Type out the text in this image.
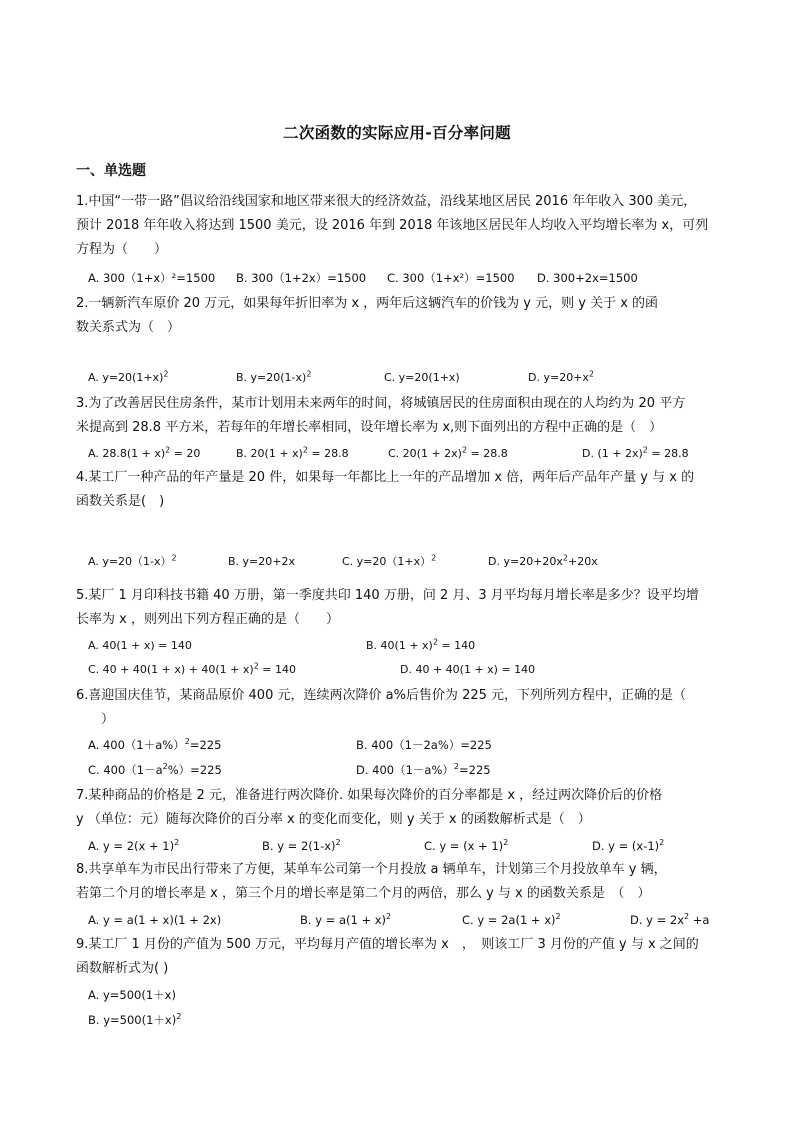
二次函数的实际应用-百分率问题
一、单选题
1.中国“一带一路”倡议给沿线国家和地区带来很大的经济效益，沿线某地区居民 2016 年年收入 300 美元，
预计 2018 年年收入将达到 1500 美元，设 2016 年到 2018 年该地区居民年人均收入平均增长率为 x，可列
方程为（　　）
A. 300（1+x）²=1500 B. 300（1+2x）=1500 C. 300（1+x²）=1500 D. 300+2x=1500
2.一辆新汽车原价 20 万元，如果每年折旧率为 x ，两年后这辆汽车的价钱为 y 元，则 y 关于 x 的函
数关系式为（　）
A. $y=20(1+x)^2$	B. $y=20(1-x)^2$	C. y=20(1+x)	D. $y=20+x^2$
3.为了改善居民住房条件，某市计划用未来两年的时间，将城镇居民的住房面积由现在的人均约为 20 平方
米提高到 28.8 平方米，若每年的年增长率相同，设年增长率为 x,则下面列出的方程中正确的是（　）
A. $28.8(1 + x)^2 = 20$	B. $20(1 + x)^2 = 28.8$	C. $20(1 + 2x)^2 = 28.8$	D. $(1 + 2x)^2 = 28.8$
4.某工厂一种产品的年产量是 20 件，如果每一年都比上一年的产品增加 x 倍，两年后产品年产量 y 与 x 的
函数关系是(　)
A. $y=20(1-x)^2$	B. y=20+2x	C. $y=20(1+x)^2$	D. $y=20+20x^2+20x$
5.某厂 1 月印科技书籍 40 万册，第一季度共印 140 万册，问 2 月、3 月平均每月增长率是多少？设平均增
长率为 x ，则列出下列方程正确的是（　　）
A. 40(1 + x) = 140	B. $40(1 + x)^2 = 140$
C. $40 + 40(1 + x) + 40(1 + x)^2 = 140$	D. 40 + 40(1 + x) = 140
6.喜迎国庆佳节，某商品原价 400 元，连续两次降价 a%后售价为 225 元，下列所列方程中，正确的是（
　）
A. $400(1+a\%)^2=225$	B. 400（1－2a%）=225
C. $400(1-a^2\%)=225$	D. $400(1-a\%)^2=225$
7.某种商品的价格是 2 元，准备进行两次降价. 如果每次降价的百分率都是 x ，经过两次降价后的价格
y （单位：元）随每次降价的百分率 x 的变化而变化，则 y 关于 x 的函数解析式是（　）
A. $y = 2(x + 1)^2$	B. $y = 2(1-x)^2$	C. $y = (x + 1)^2$	D. $y = (x-1)^2$
8.共享单车为市民出行带来了方便，某单车公司第一个月投放 a 辆单车，计划第三个月投放单车 y 辆，
若第二个月的增长率是 x ，第三个月的增长率是第二个月的两倍，那么 y 与 x 的函数关系是　（　）
A. y = a(1 + x)(1 + 2x)	B. $y = a(1 + x)^2$	C. $y = 2a(1 + x)^2$	D. $y = 2x^2 +a$
9.某工厂 1 月份的产值为 500 万元，平均每月产值的增长率为 x　，　则该工厂 3 月份的产值 y 与 x 之间的
函数解析式为( )
A. y=500(1＋x)
B. $y=500(1+x)^2$
